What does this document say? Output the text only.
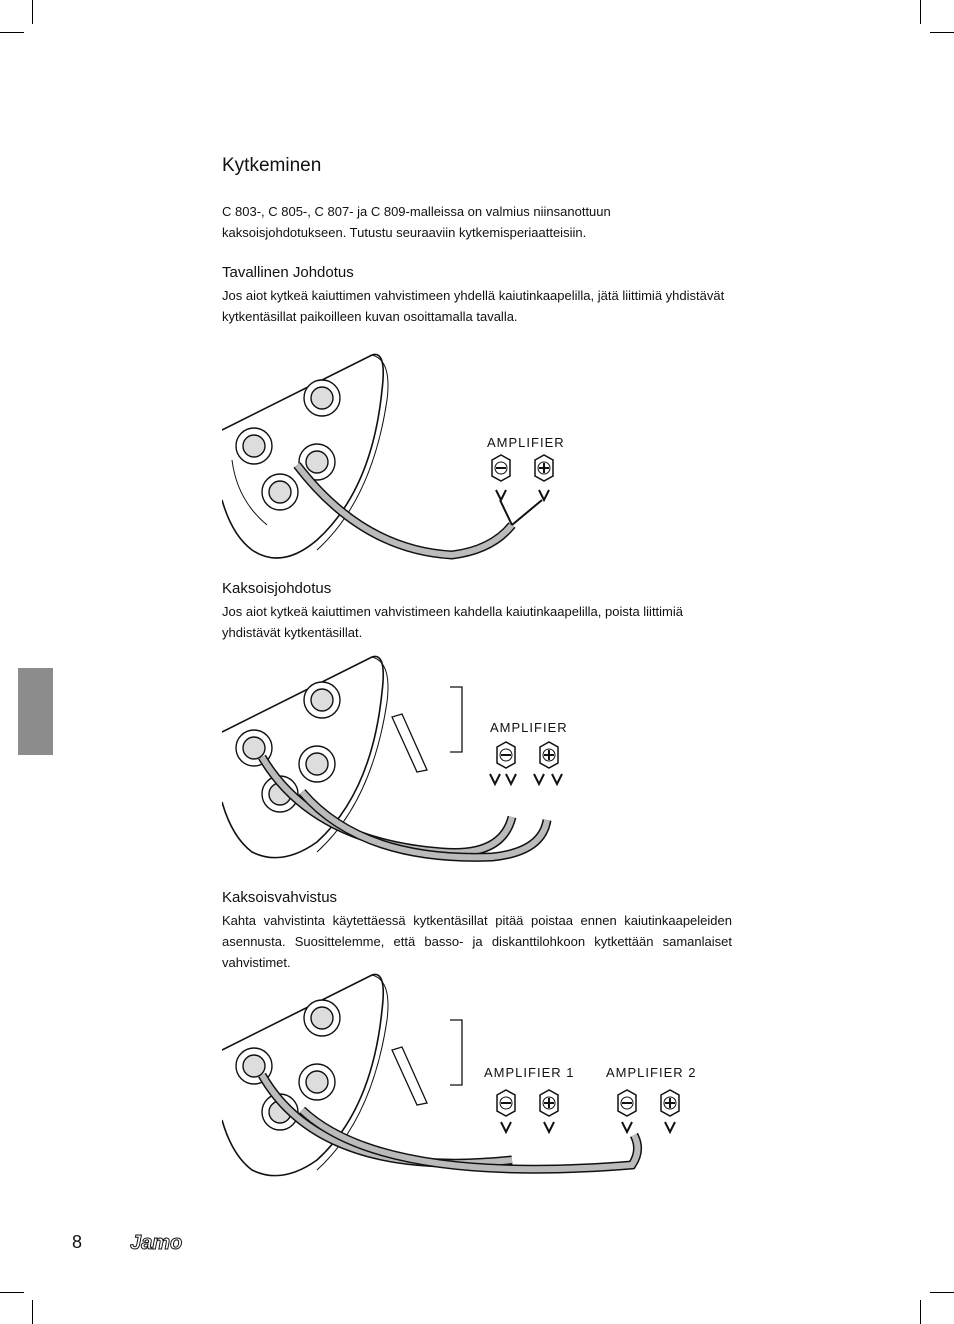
Kytkeminen
C 803-, C 805-, C 807- ja C 809-malleissa on valmius niinsanottuun kaksoisjohdotukseen. Tutustu seuraaviin kytkemisperiaatteisiin.
Tavallinen Johdotus
Jos aiot kytkeä kaiuttimen vahvistimeen yhdellä kaiutinkaapelilla, jätä liittimiä yhdistävät kytkentäsillat paikoilleen kuvan osoittamalla tavalla.
AMPLIFIER
Kaksoisjohdotus
Jos aiot kytkeä kaiuttimen vahvistimeen kahdella kaiutinkaapelilla, poista liittimiä yhdistävät kytkentäsillat.
AMPLIFIER
Kaksoisvahvistus
Kahta vahvistinta käytettäessä kytkentäsillat pitää poistaa ennen kaiutinkaapeleiden asennusta. Suosittelemme, että basso- ja diskanttilohkoon kytkettään samanlaiset vahvistimet.
AMPLIFIER 1 AMPLIFIER 2
8 Jamo
